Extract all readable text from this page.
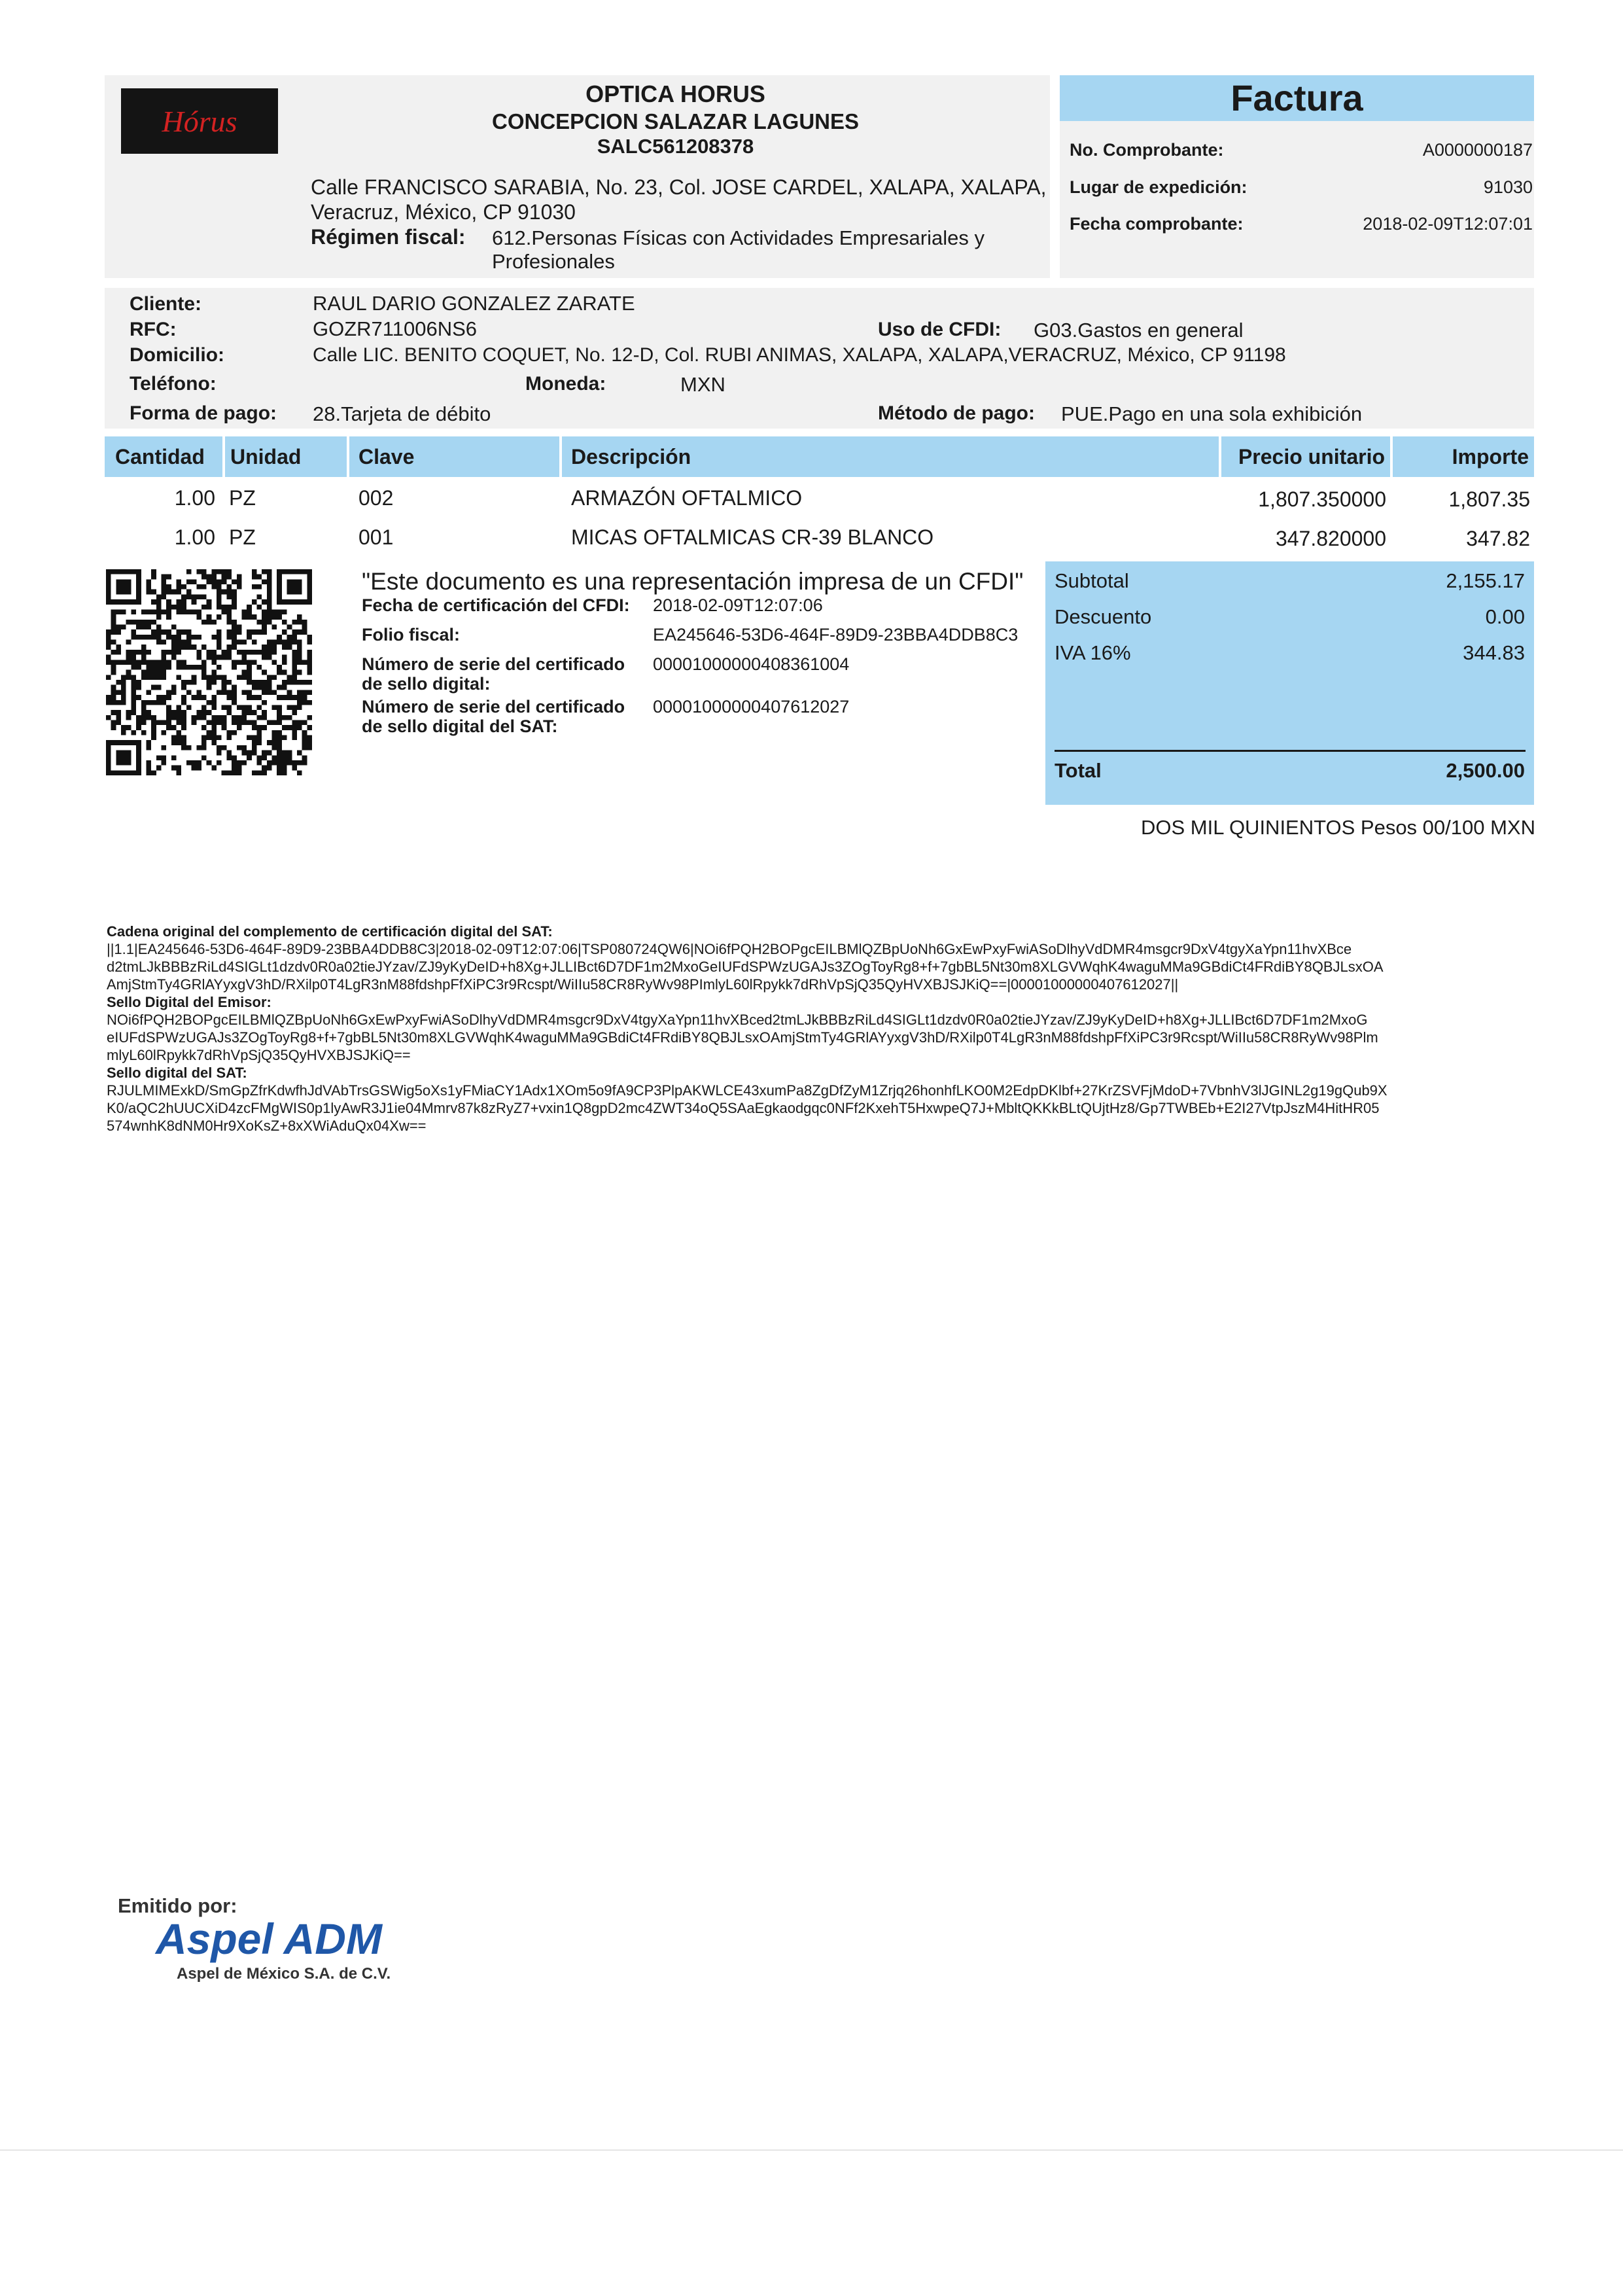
Hórus
OPTICA HORUS
CONCEPCION SALAZAR LAGUNES
SALC561208378
Calle FRANCISCO SARABIA, No. 23, Col. JOSE CARDEL, XALAPA, XALAPA,
Veracruz, México, CP 91030
Régimen fiscal: 612.Personas Físicas con Actividades Empresariales y
Profesionales
Factura
No. Comprobante:	A0000000187
Lugar de expedición:	91030
Fecha comprobante:	2018-02-09T12:07:01
Cliente:	RAUL DARIO GONZALEZ ZARATE
RFC:	GOZR711006NS6	Uso de CFDI: G03.Gastos en general
Domicilio:	Calle LIC. BENITO COQUET, No. 12-D, Col. RUBI ANIMAS, XALAPA, XALAPA,VERACRUZ, México, CP 91198
Teléfono:	Moneda:	MXN
Forma de pago: 28.Tarjeta de débito	Método de pago: PUE.Pago en una sola exhibición
Cantidad Unidad	Clave	Descripción	Precio unitario	Importe
1.00 PZ	002	ARMAZÓN OFTALMICO	1,807.350000	1,807.35
1.00 PZ	001	MICAS OFTALMICAS CR-39 BLANCO	347.820000	347.82
"Este documento es una representación impresa de un CFDI"
Fecha de certificación del CFDI: 2018-02-09T12:07:06
Folio fiscal:	EA245646-53D6-464F-89D9-23BBA4DDB8C3
Número de serie del certificado
de sello digital:
00001000000408361004
Número de serie del certificado
de sello digital del SAT:
00001000000407612027
Subtotal	2,155.17
Descuento	0.00
IVA 16%	344.83
Total	2,500.00
DOS MIL QUINIENTOS Pesos 00/100 MXN
Cadena original del complemento de certificación digital del SAT:
||1.1|EA245646-53D6-464F-89D9-23BBA4DDB8C3|2018-02-09T12:07:06|TSP080724QW6|NOi6fPQH2BOPgcEILBMlQZBpUoNh6GxEwPxyFwiASoDlhyVdDMR4msgcr9DxV4tgyXaYpn11hvXBce
d2tmLJkBBBzRiLd4SIGLt1dzdv0R0a02tieJYzav/ZJ9yKyDeID+h8Xg+JLLIBct6D7DF1m2MxoGeIUFdSPWzUGAJs3ZOgToyRg8+f+7gbBL5Nt30m8XLGVWqhK4waguMMa9GBdiCt4FRdiBY8QBJLsxOA
AmjStmTy4GRlAYyxgV3hD/RXilp0T4LgR3nM88fdshpFfXiPC3r9Rcspt/WiIIu58CR8RyWv98PImlyL60lRpykk7dRhVpSjQ35QyHVXBJSJKiQ==|00001000000407612027||
Sello Digital del Emisor:
NOi6fPQH2BOPgcEILBMlQZBpUoNh6GxEwPxyFwiASoDlhyVdDMR4msgcr9DxV4tgyXaYpn11hvXBced2tmLJkBBBzRiLd4SIGLt1dzdv0R0a02tieJYzav/ZJ9yKyDeID+h8Xg+JLLIBct6D7DF1m2MxoG
eIUFdSPWzUGAJs3ZOgToyRg8+f+7gbBL5Nt30m8XLGVWqhK4waguMMa9GBdiCt4FRdiBY8QBJLsxOAmjStmTy4GRlAYyxgV3hD/RXilp0T4LgR3nM88fdshpFfXiPC3r9Rcspt/WiIIu58CR8RyWv98Plm
mlyL60lRpykk7dRhVpSjQ35QyHVXBJSJKiQ==
Sello digital del SAT:
RJULMIMExkD/SmGpZfrKdwfhJdVAbTrsGSWig5oXs1yFMiaCY1Adx1XOm5o9fA9CP3PlpAKWLCE43xumPa8ZgDfZyM1Zrjq26honhfLKO0M2EdpDKlbf+27KrZSVFjMdoD+7VbnhV3lJGINL2g19gQub9X
K0/aQC2hUUCXiD4zcFMgWIS0p1lyAwR3J1ie04Mmrv87k8zRyZ7+vxin1Q8gpD2mc4ZWT34oQ5SAaEgkaodgqc0NFf2KxehT5HxwpeQ7J+MbltQKKkBLtQUjtHz8/Gp7TWBEb+E2I27VtpJszM4HitHR05
574wnhK8dNM0Hr9XoKsZ+8xXWiAduQx04Xw==
Emitido por:
Aspel ADM
Aspel de México S.A. de C.V.
